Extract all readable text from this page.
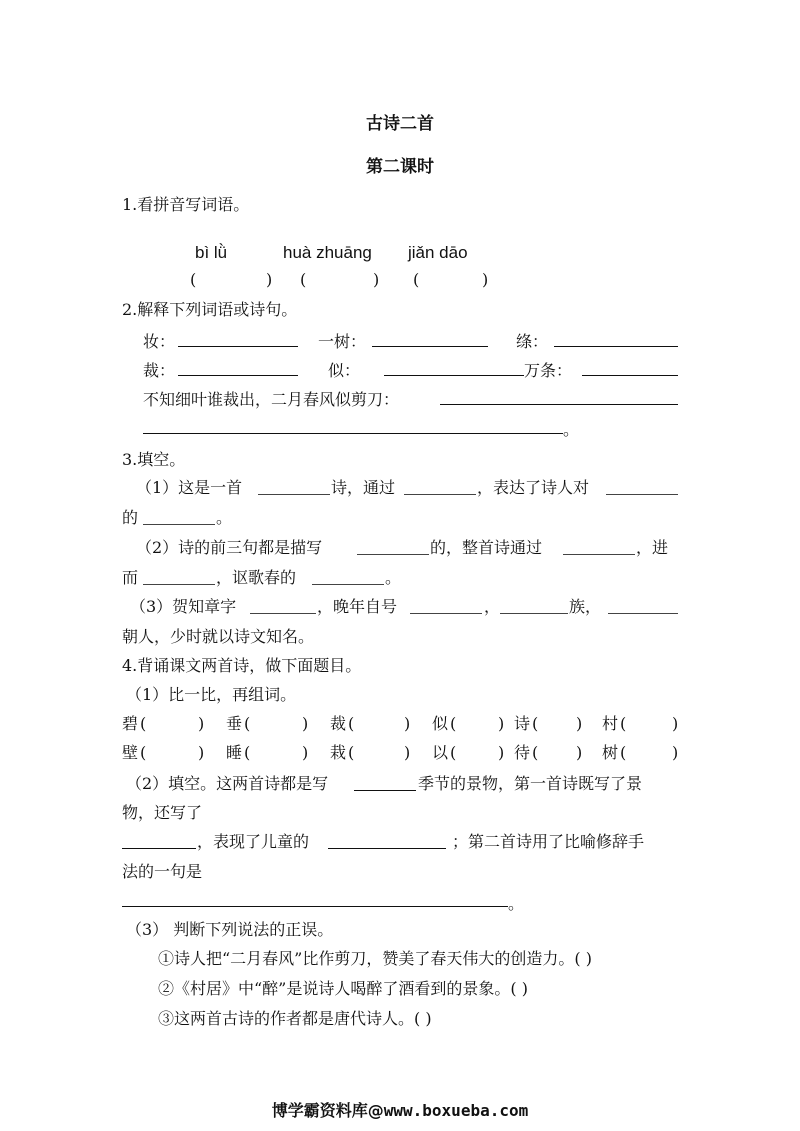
古诗二首
第二课时
1.看拼音写词语。
bì lǜ	huà zhuāng jiǎn dāo
(	) (	) (	)
2.解释下列词语或诗句。
妆：	一树：	绦：
裁：	似：	万条：
不知细叶谁裁出，二月春风似剪刀：
。
3.填空。
（1）这是一首	诗，通过	，表达了诗人对
的	。
（2）诗的前三句都是描写	的，整首诗通过	，进
而	，讴歌春的	。
（3）贺知章字	，晚年自号	，	族，
朝人，少时就以诗文知名。
4.背诵课文两首诗，做下面题目。
（1）比一比，再组词。
碧 (	) 垂 (	) 裁 (	) 似 (	) 诗 ( ) 村 (	)
壁 (	) 睡 (	) 栽 (	) 以 (	) 待 ( ) 树 (	)
（2）填空。这两首诗都是写	季节的景物，第一首诗既写了景
物，还写了
，表现了儿童的	；第二首诗用了比喻修辞手
法的一句是
。
（3） 判断下列说法的正误。
①诗人把“二月春风”比作剪刀，赞美了春天伟大的创造力。( )
②《村居》中“醉”是说诗人喝醉了酒看到的景象。( )
③这两首古诗的作者都是唐代诗人。( )
博学霸资料库@www.boxueba.com
